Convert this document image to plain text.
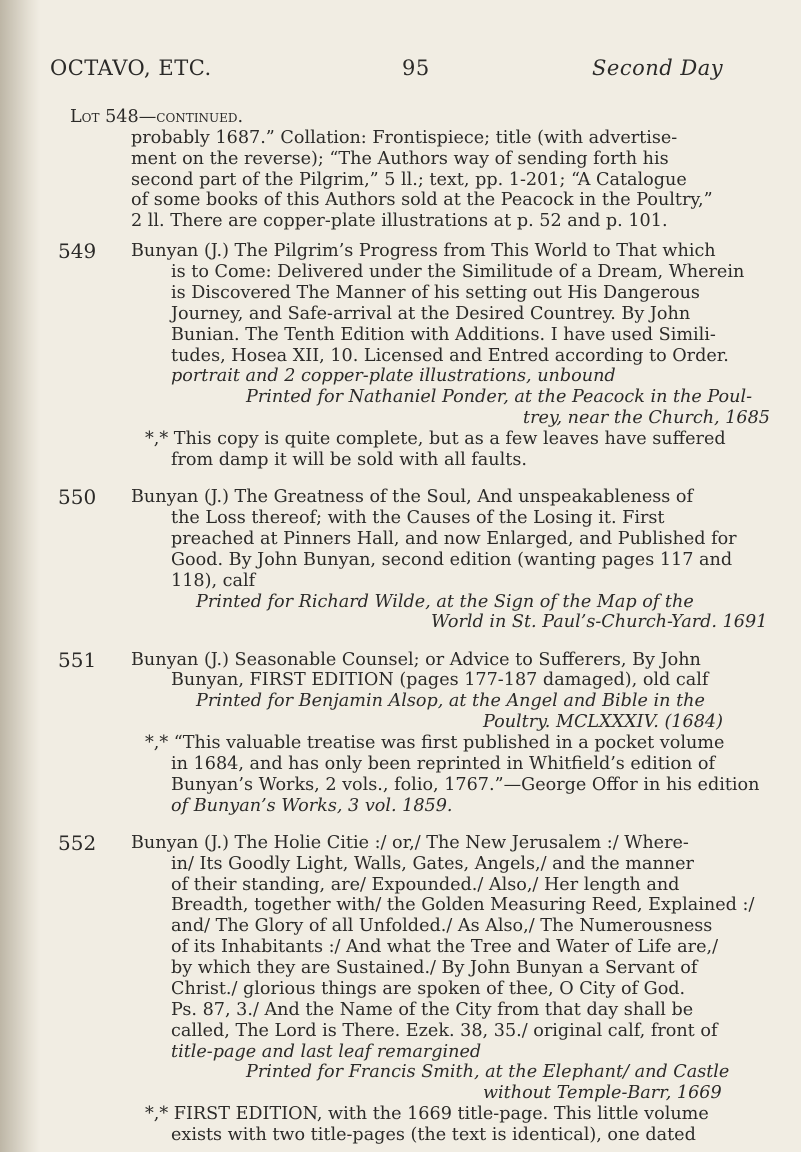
OCTAVO, ETC.	95	Second Day
Lot 548—continued.
probably 1687.” Collation: Frontispiece; title (with advertise-
ment on the reverse); “The Authors way of sending forth his
second part of the Pilgrim,” 5 ll.; text, pp. 1-201; “A Catalogue
of some books of this Authors sold at the Peacock in the Poultry,”
2 ll. There are copper-plate illustrations at p. 52 and p. 101.
549 Bunyan (J.) The Pilgrim’s Progress from This World to That which
is to Come: Delivered under the Similitude of a Dream, Wherein
is Discovered The Manner of his setting out His Dangerous
Journey, and Safe-arrival at the Desired Countrey. By John
Bunian. The Tenth Edition with Additions. I have used Simili-
tudes, Hosea XII, 10. Licensed and Entred according to Order.
portrait and 2 copper-plate illustrations, unbound
Printed for Nathaniel Ponder, at the Peacock in the Poul-
trey, near the Church, 1685
*,* This copy is quite complete, but as a few leaves have suffered
from damp it will be sold with all faults.
550 Bunyan (J.) The Greatness of the Soul, And unspeakableness of
the Loss thereof; with the Causes of the Losing it. First
preached at Pinners Hall, and now Enlarged, and Published for
Good. By John Bunyan, second edition (wanting pages 117 and
118), calf
Printed for Richard Wilde, at the Sign of the Map of the
World in St. Paul’s-Church-Yard. 1691
551 Bunyan (J.) Seasonable Counsel; or Advice to Sufferers, By John
Bunyan, FIRST EDITION (pages 177-187 damaged), old calf
Printed for Benjamin Alsop, at the Angel and Bible in the
Poultry. MCLXXXIV. (1684)
*,* “This valuable treatise was first published in a pocket volume
in 1684, and has only been reprinted in Whitfield’s edition of
Bunyan’s Works, 2 vols., folio, 1767.”—George Offor in his edition
of Bunyan’s Works, 3 vol. 1859.
552 Bunyan (J.) The Holie Citie :/ or,/ The New Jerusalem :/ Where-
in/ Its Goodly Light, Walls, Gates, Angels,/ and the manner
of their standing, are/ Expounded./ Also,/ Her length and
Breadth, together with/ the Golden Measuring Reed, Explained :/
and/ The Glory of all Unfolded./ As Also,/ The Numerousness
of its Inhabitants :/ And what the Tree and Water of Life are,/
by which they are Sustained./ By John Bunyan a Servant of
Christ./ glorious things are spoken of thee, O City of God.
Ps. 87, 3./ And the Name of the City from that day shall be
called, The Lord is There. Ezek. 38, 35./ original calf, front of
title-page and last leaf remargined
Printed for Francis Smith, at the Elephant/ and Castle
without Temple-Barr, 1669
*,* FIRST EDITION, with the 1669 title-page. This little volume
exists with two title-pages (the text is identical), one dated
